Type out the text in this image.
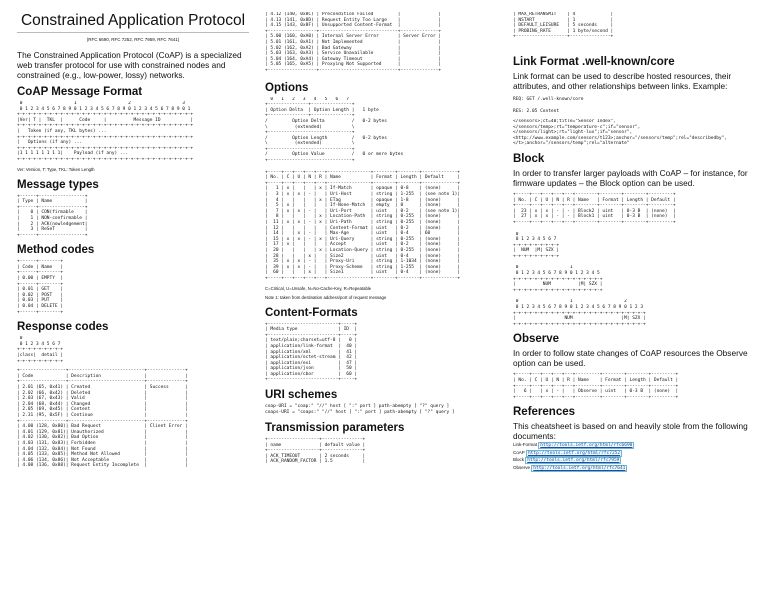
Constrained Application Protocol
(RFC 6690, RFC 7252, RFC 7959, RFC 7641)

The Constrained Application Protocol (CoAP) is a specialized web transfer protocol for use with constrained nodes and constrained (e.g., low-power, lossy) networks.

CoAP Message Format
0                   1                   2                   3
0 1 2 3 4 5 6 7 8 9 0 1 2 3 4 5 6 7 8 9 0 1 2 3 4 5 6 7 8 9 0 1
+-+-+-+-+-+-+-+-+-+-+-+-+-+-+-+-+-+-+-+-+-+-+-+-+-+-+-+-+-+-+-+-+
|Ver| T |  TKL  |      Code     |          Message ID           |
+-+-+-+-+-+-+-+-+-+-+-+-+-+-+-+-+-+-+-+-+-+-+-+-+-+-+-+-+-+-+-+-+
|   Token (if any, TKL bytes) ...
+-+-+-+-+-+-+-+-+-+-+-+-+-+-+-+-+-+-+-+-+-+-+-+-+-+-+-+-+-+-+-+-+
|   Options (if any) ...
+-+-+-+-+-+-+-+-+-+-+-+-+-+-+-+-+-+-+-+-+-+-+-+-+-+-+-+-+-+-+-+-+
|1 1 1 1 1 1 1 1|    Payload (if any) ...
+-+-+-+-+-+-+-+-+-+-+-+-+-+-+-+-+-+-+-+-+-+-+-+-+-+-+-+-+-+-+-+-+

Ver: Version, T: Type, TKL: Token Length

Message types
+------+-----------------+
| Type | Name            |
+------+-----------------+
|    0 | CON(firmable    |
|    1 | NON-confirmable |
|    2 | ACK(nowledgement|
|    3 | ReSeT           |
+------+-----------------+
Method codes
+------+--------+
| Code | Name   |
+------+--------+
| 0.00 | EMPTY  |
+------+--------+
| 0.01 | GET    |
| 0.02 | POST   |
| 0.03 | PUT    |
| 0.04 | DELETE |
+------+--------+
Response codes
0
0 1 2 3 4 5 6 7
+-+-+-+-+-+-+-+-+
|class|  detail |
+-+-+-+-+-+-+-+-+
+-----------------+----------------------------+--------------+
| Code            | Description                |              |
+-----------------+----------------------------+--------------+
| 2.01 (65, 0x41) | Created                    | Success      |
| 2.02 (66, 0x42) | Deleted                    |              |
| 2.03 (67, 0x43) | Valid                      |              |
| 2.04 (68, 0x44) | Changed                    |              |
| 2.05 (69, 0x45) | Content                    |              |
| 2.31 (95, 0x5F) | Continue                   |              |
+-----------------+----------------------------+--------------+
| 4.00 (128, 0x80)| Bad Request                | Client Error |
| 4.01 (129, 0x81)| Unauthorized               |              |
| 4.02 (130, 0x82)| Bad Option                 |              |
| 4.03 (131, 0x83)| Forbidden                  |              |
| 4.04 (132, 0x84)| Not Found                  |              |
| 4.05 (133, 0x85)| Method Not Allowed         |              |
| 4.06 (134, 0x86)| Not Acceptable             |              |
| 4.08 (136, 0x88)| Request Entity Incomplete  |              |
| 4.12 (140, 0x8C) | Precondition Failed         |              |
| 4.13 (141, 0x8D) | Request Entity Too Large    |              |
| 4.15 (143, 0x8F) | Unsupported Content-Format  |              |
+------------------+-----------------------------+--------------+
| 5.00 (160, 0xA0) | Internal Server Error       | Server Error |
| 5.01 (161, 0xA1) | Not Implemented             |              |
| 5.02 (162, 0xA2) | Bad Gateway                 |              |
| 5.03 (163, 0xA3) | Service Unavailable         |              |
| 5.04 (164, 0xA4) | Gateway Timeout             |              |
| 5.05 (165, 0xA5) | Proxying Not Supported      |              |
+------------------+-----------------------------+--------------+
Options
0   1   2   3   4   5   6   7
+---------------+---------------+
| Option Delta  | Option Length |   1 byte
+---------------+---------------+
/         Option Delta          /   0-2 bytes
\          (extended)           \
+-------------------------------+
/         Option Length         /   0-2 bytes
\          (extended)           \
+-------------------------------+
/         Option Value          /   0 or more bytes
+-------------------------------+
+-----+---+---+---+---+----------------+--------+--------+-------------+
| No. | C | U | N | R | Name           | Format | Length | Default     |
+-----+---+---+---+---+----------------+--------+--------+-------------+
|   1 | x |   |   | x | If-Match       | opaque | 0-8    | (none)      |
|   3 | x | x | - |   | Uri-Host       | string | 1-255  | (see note 1)|
|   4 |   |   |   | x | ETag           | opaque | 1-8    | (none)      |
|   5 | x |   |   |   | If-None-Match  | empty  | 0      | (none)      |
|   7 | x | x | - |   | Uri-Port       | uint   | 0-2    | (see note 1)|
|   8 |   |   |   | x | Location-Path  | string | 0-255  | (none)      |
|  11 | x | x | - | x | Uri-Path       | string | 0-255  | (none)      |
|  12 |   |   |   |   | Content-Format | uint   | 0-2    | (none)      |
|  14 |   | x | - |   | Max-Age        | uint   | 0-4    | 60          |
|  15 | x | x | - | x | Uri-Query      | string | 0-255  | (none)      |
|  17 | x |   |   |   | Accept         | uint   | 0-2    | (none)      |
|  20 |   |   |   | x | Location-Query | string | 0-255  | (none)      |
|  28 |   |   | x |   | Size2          | uint   | 0-4    | (none)      |
|  35 | x | x | - |   | Proxy-Uri      | string | 1-1034 | (none)      |
|  39 | x | x | - |   | Proxy-Scheme   | string | 1-255  | (none)      |
|  60 |   |   | x |   | Size1          | uint   | 0-4    | (none)      |
+-----+---+---+---+---+----------------+--------+--------+-------------+

C=Critical, U=Unsafe, N=No-Cache-Key, R=Repeatable

Note 1: taken from destination address/port of request message

Content-Formats
+--------------------------+-----+
| Media type               | ID  |
+--------------------------+-----+
| text/plain;charset=utf-8 |   0 |
| application/link-format  |  40 |
| application/xml          |  41 |
| application/octet-stream |  42 |
| application/exi          |  47 |
| application/json         |  50 |
| application/cbor         |  60 |
+--------------------------+-----+
URI schemes
coap-URI = "coap:" "//" host [ ":" port ] path-abempty [ "?" query ]
coaps-URI = "coaps:" "//" host [ ":" port ] path-abempty [ "?" query ]
Transmission parameters
+-------------------+---------------+
| name              | default value |
+-------------------+---------------+
| ACK_TIMEOUT       | 2 seconds     |
| ACK_RANDOM_FACTOR | 1.5           |
| MAX_RETRANSMIT    | 4             |
| NSTART            | 1             |
| DEFAULT_LEISURE   | 5 seconds     |
| PROBING_RATE      | 1 byte/second |
+-------------------+---------------+
Link Format .well-known/core

Link format can be used to describe hosted resources, their attributes, and other relationships between links. Example:

REQ: GET /.well-known/core
RES: 2.05 Content
</sensors>;ct=40;title="Sensor Index",
</sensors/temp>;rt="temperature-c";if="sensor",
</sensors/light>;rt="light-lux";if="sensor",
<http://www.example.com/sensors/t123>;anchor="/sensors/temp";rel="describedby",
</t>;anchor="/sensors/temp";rel="alternate"
Block

In order to transfer larger payloads with CoAP – for instance, for firmware updates – the Block option can be used.

+-----+---+---+---+---+--------+--------+--------+---------+
| No. | C | U | N | R | Name   | Format | Length | Default |
+-----+---+---+---+---+--------+--------+--------+---------+
|  23 | x | x | - | - | Block2 | uint   | 0-3 B  | (none)  |
|  27 | x | x | - | - | Block1 | uint   | 0-3 B  | (none)  |
+-----+---+---+---+---+--------+--------+--------+---------+
0
0 1 2 3 4 5 6 7
+-+-+-+-+-+-+-+-+
|  NUM  |M| SZX |
+-+-+-+-+-+-+-+-+
0                   1
0 1 2 3 4 5 6 7 8 9 0 1 2 3 4 5
+-+-+-+-+-+-+-+-+-+-+-+-+-+-+-+-+
|          NUM          |M| SZX |
+-+-+-+-+-+-+-+-+-+-+-+-+-+-+-+-+
0                   1                   2
0 1 2 3 4 5 6 7 8 9 0 1 2 3 4 5 6 7 8 9 0 1 2 3
+-+-+-+-+-+-+-+-+-+-+-+-+-+-+-+-+-+-+-+-+-+-+-+-+
|                  NUM                  |M| SZX |
+-+-+-+-+-+-+-+-+-+-+-+-+-+-+-+-+-+-+-+-+-+-+-+-+
Observe

In order to follow state changes of CoAP resources the Observe option can be used.

+-----+---+---+---+---+---------+--------+--------+---------+
| No. | C | U | N | R | Name    | Format | Length | Default |
+-----+---+---+---+---+---------+--------+--------+---------+
|   6 |   | x | - |   | Observe | uint   | 0-3 B  | (none)  |
+-----+---+---+---+---+---------+--------+--------+---------+
References

This cheatsheet is based on and heavily stole from the following documents:

Link-Format http://tools.ietf.org/html/rfc6690
CoAP http://tools.ietf.org/html/rfc7252
Block http://tools.ietf.org/html/rfc7959
Observe http://tools.ietf.org/html/rfc7641
